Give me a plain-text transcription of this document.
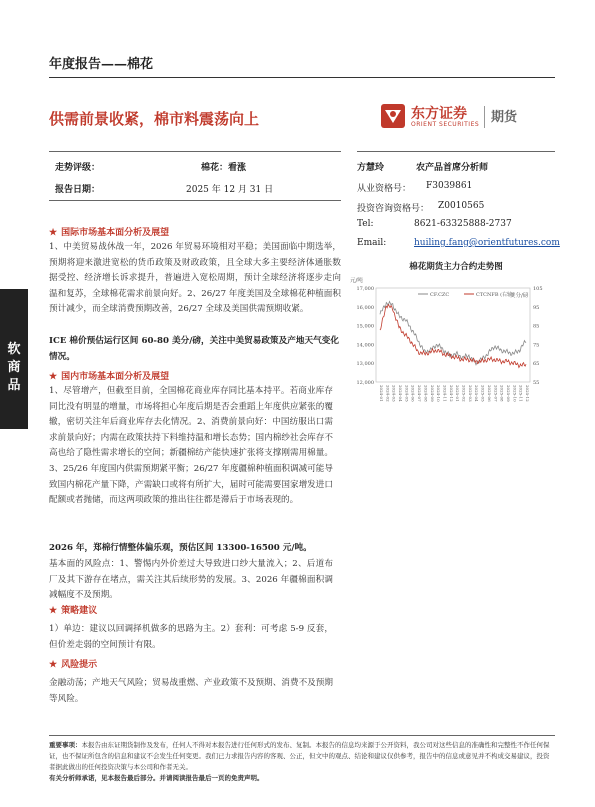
年度报告——棉花
供需前景收紧，棉市料震荡向上	东方证券
ORIENT SECURITIES 期货
软
商
品
走势评级：	棉花：看涨
报告日期：	2025 年 12 月 31 日
方慧玲	农产品首席分析师
从业资格号： F3039861
投资咨询资格号： Z0010565
Tel:	8621-63325888-2737
Email:	huiling.fang@orientfutures.com
棉花期货主力合约走势图
元/吨
美分/磅
17,000
16,000
15,000
14,000
13,000
12,000
105
95
85
75
65
55
2024-01 2024-02 2024-03 2024-04 2024-05 2024-06 2024-07 2024-08 2024-09 2024-10 2024-11 2024-12 2025-01 2025-02 2025-03 2025-04 2025-05 2025-06 2025-07 2025-08 2025-09 2025-10 2025-11 2025-12
CF.CZC	CTCNFB (右轴)
★ 国际市场基本面分析及展望

1、中美贸易战休战一年，2026 年贸易环境相对平稳；美国面临中期选举，预期将迎来激进宽松的货币政策及财政政策，且全球大多主要经济体通胀数据受控、经济增长诉求提升，普遍进入宽松周期，预计全球经济将逐步走向温和复苏，全球棉花需求前景向好。2、26/27 年度美国及全球棉花种植面积预计减少，而全球消费预期改善，26/27 全球及美国供需预期收紧。

ICE 棉价预估运行区间 60-80 美分/磅，关注中美贸易政策及产地天气变化情况。
★ 国内市场基本面分析及展望

1、尽管增产，但截至目前，全国棉花商业库存同比基本持平。若商业库存同比没有明显的增量，市场将担心年度后期是否会重蹈上年度供应紧张的覆辙，密切关注年后商业库存去化情况。2、消费前景向好：中国纺服出口需求前景向好；内需在政策扶持下料维持温和增长态势；国内棉纱社会库存不高也给了隐性需求增长的空间；新疆棉纺产能快速扩张将支撑刚需用棉量。3、25/26 年度国内供需预期紧平衡；26/27 年度疆棉种植面积调减可能导致国内棉花产量下降，产需缺口或将有所扩大，届时可能需要国家增发进口配额或者抛储，而这两项政策的推出往往都是滞后于市场表现的。

2026 年，郑棉行情整体偏乐观，预估区间 13300-16500 元/吨。
基本面的风险点：1、警惕内外价差过大导致进口纱大量流入；2、后道布厂及其下游存在堵点，需关注其后续形势的发展。3、2026 年疆棉面积调减幅度不及预期。
★ 策略建议
1）单边：建议以回调择机做多的思路为主。2）套利：可考虑 5-9 反套，但价差走弱的空间预计有限。
★ 风险提示
金融动荡；产地天气风险；贸易战重燃、产业政策不及预期、消费不及预期等风险。
重要事项：本报告由东证期货制作及发布，任何人不得对本报告进行任何形式的发布、复制。本报告的信息均来源于公开资料，我公司对这些信息的准确性和完整性不作任何保证，也不保证所包含的信息和建议不会发生任何变更。我们已力求报告内容的客观、公正，但文中的观点、结论和建议仅供参考，报告中的信息或意见并不构成交易建议，投资者据此做出的任何投资决策与本公司和作者无关。
有关分析师承诺，见本报告最后部分。并请阅读报告最后一页的免责声明。
